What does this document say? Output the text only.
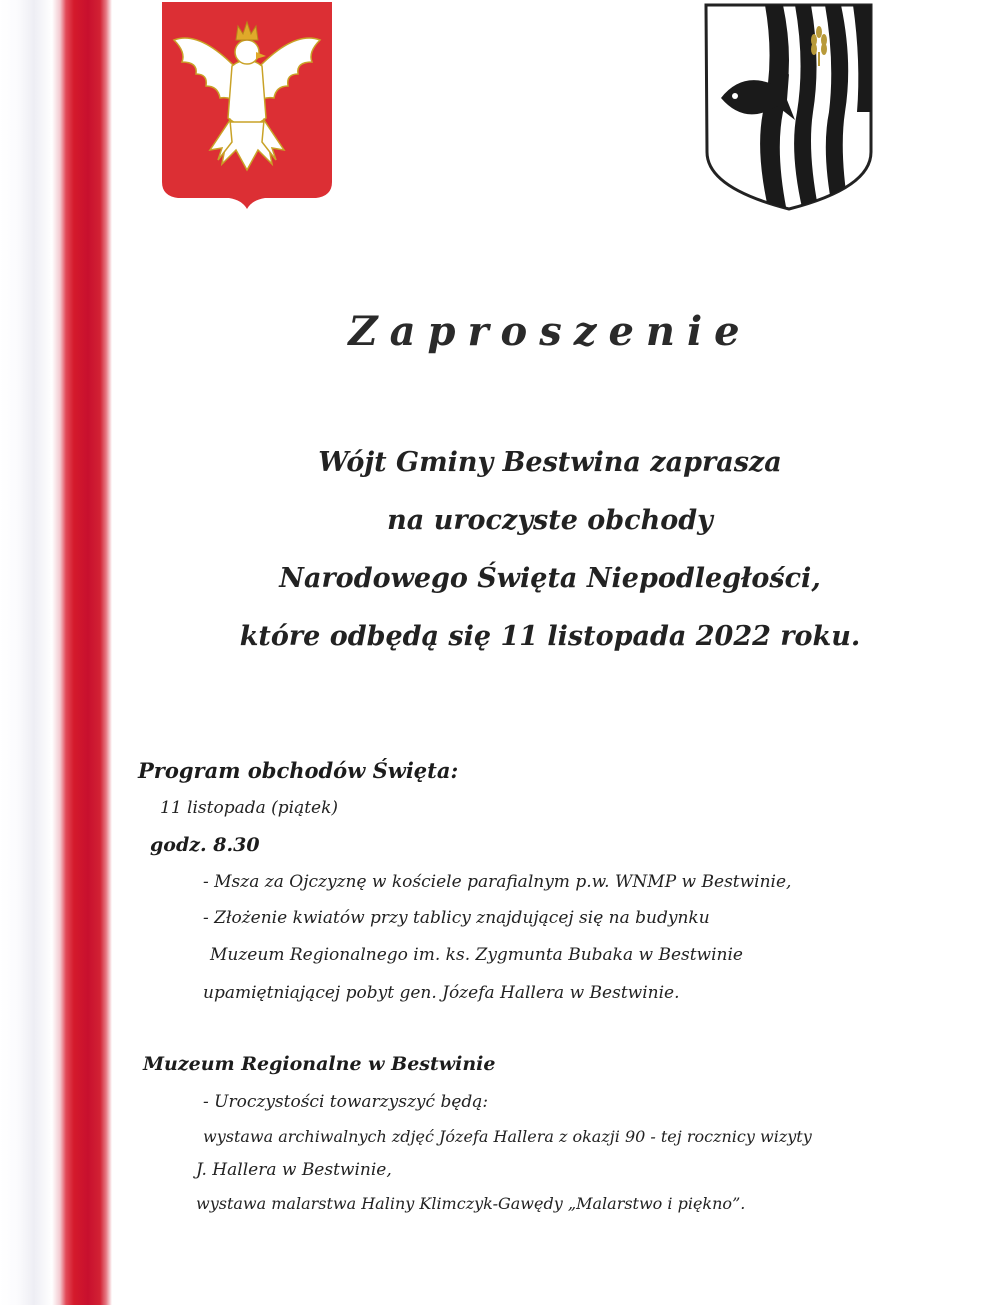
Zaproszenie
Wójt Gminy Bestwina zaprasza
na uroczyste obchody
Narodowego Święta Niepodległości,
które odbędą się 11 listopada 2022 roku.
Program obchodów Święta:
11 listopada (piątek)
godz. 8.30
- Msza za Ojczyznę w kościele parafialnym p.w. WNMP w Bestwinie,
- Złożenie kwiatów przy tablicy znajdującej się na budynku
Muzeum Regionalnego im. ks. Zygmunta Bubaka w Bestwinie
upamiętniającej pobyt gen. Józefa Hallera w Bestwinie.
Muzeum Regionalne w Bestwinie
- Uroczystości towarzyszyć będą:
wystawa archiwalnych zdjęć Józefa Hallera z okazji 90 - tej rocznicy wizyty
J. Hallera w Bestwinie,
wystawa malarstwa Haliny Klimczyk-Gawędy „Malarstwo i piękno”.
